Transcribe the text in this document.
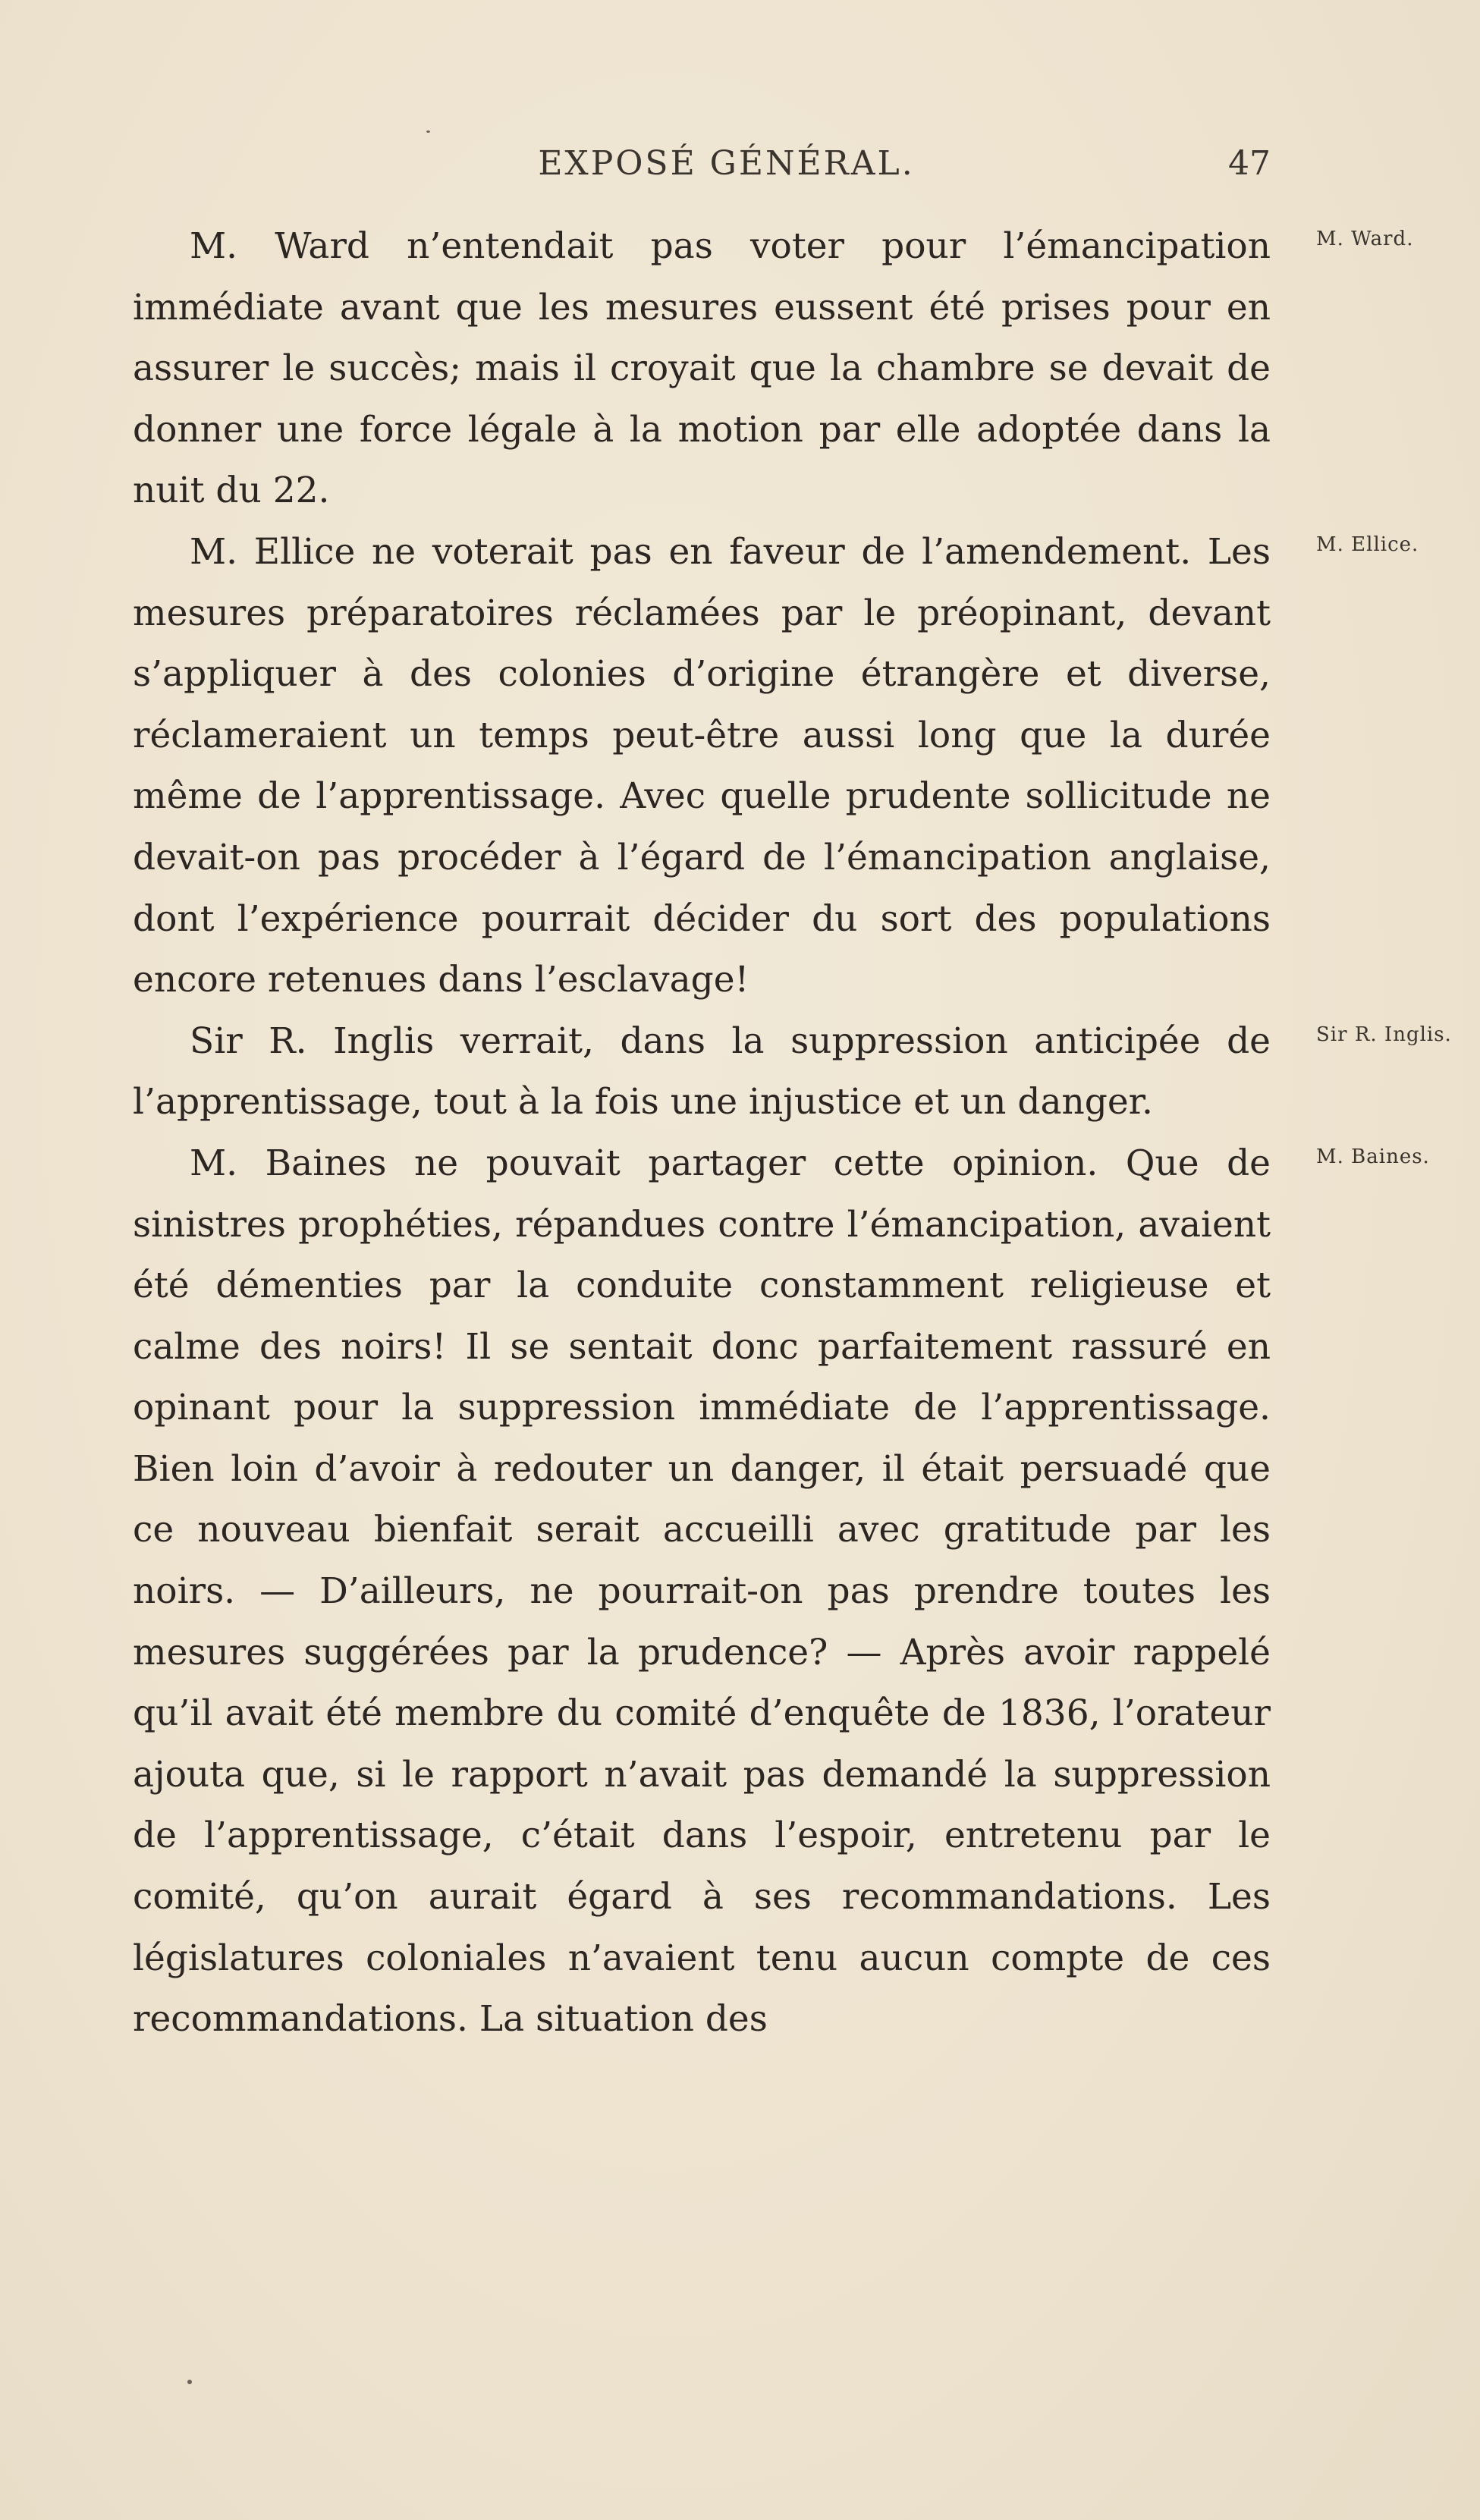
EXPOSÉ GÉNÉRAL.	47

M. Ward n’entendait pas voter pour l’émancipation immédiate avant que les mesures eussent été prises pour en assurer le succès; mais il croyait que la chambre se devait de donner une force légale à la motion par elle adoptée dans la nuit du 22.

M. Ellice ne voterait pas en faveur de l’amendement. Les mesures préparatoires réclamées par le préopinant, devant s’appliquer à des colonies d’origine étrangère et diverse, réclameraient un temps peut-être aussi long que la durée même de l’apprentissage. Avec quelle prudente sollicitude ne devait-on pas procéder à l’égard de l’émancipation anglaise, dont l’expérience pourrait décider du sort des populations encore retenues dans l’esclavage!

Sir R. Inglis verrait, dans la suppression anticipée de l’apprentissage, tout à la fois une injustice et un danger.

M. Baines ne pouvait partager cette opinion. Que de sinistres prophéties, répandues contre l’émancipation, avaient été démenties par la conduite constamment religieuse et calme des noirs! Il se sentait donc parfaitement rassuré en opinant pour la suppression immédiate de l’apprentissage. Bien loin d’avoir à redouter un danger, il était persuadé que ce nouveau bienfait serait accueilli avec gratitude par les noirs. — D’ailleurs, ne pourrait-on pas prendre toutes les mesures suggérées par la prudence? — Après avoir rappelé qu’il avait été membre du comité d’enquête de 1836, l’orateur ajouta que, si le rapport n’avait pas demandé la suppression de l’apprentissage, c’était dans l’espoir, entretenu par le comité, qu’on aurait égard à ses recommandations. Les législatures coloniales n’avaient tenu aucun compte de ces recommandations. La situation des

M. Ward.
M. Ellice.
Sir R. Inglis.
M. Baines.
